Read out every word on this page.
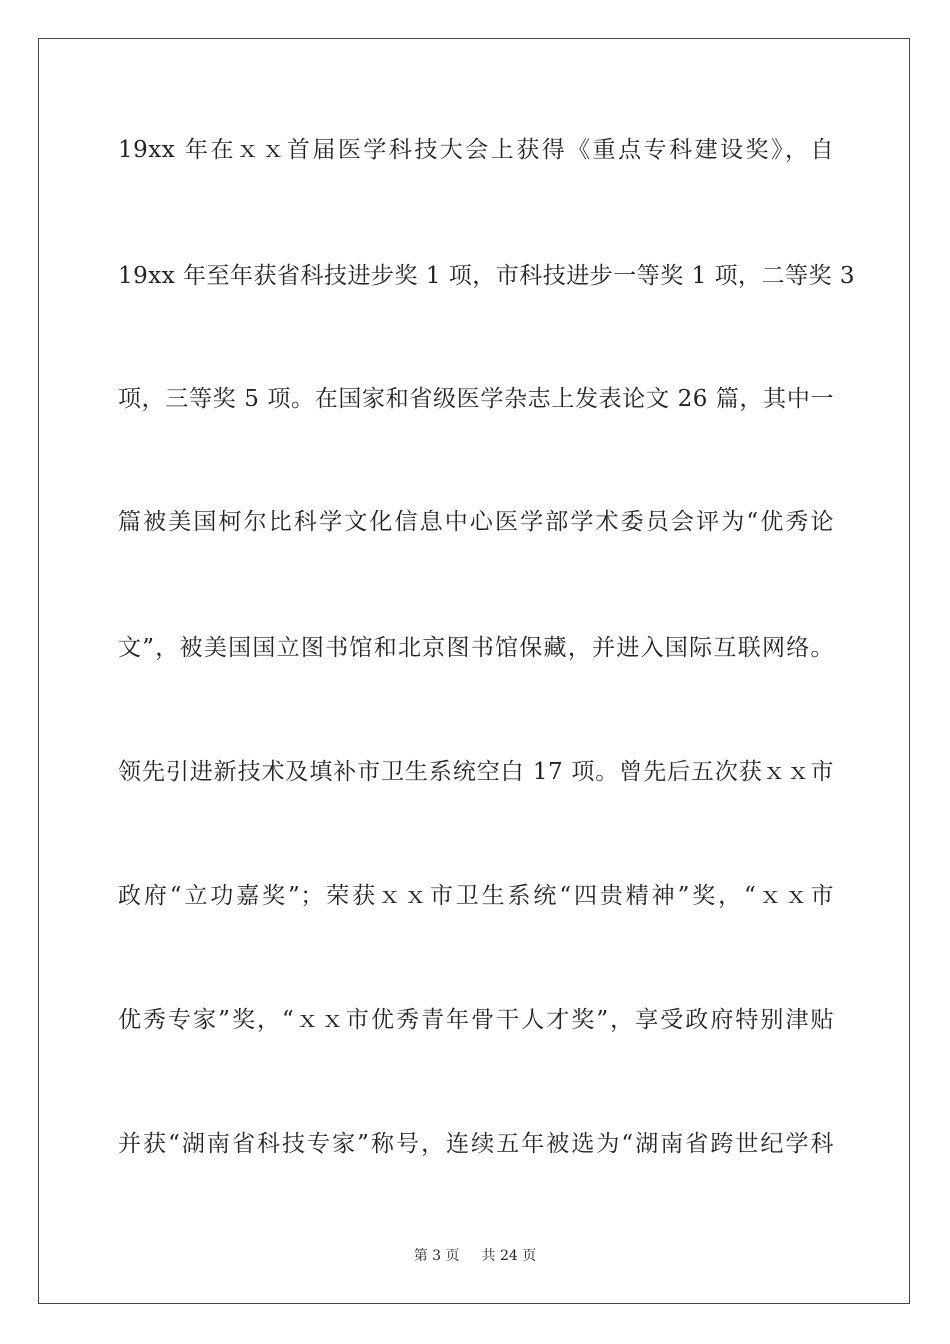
19xx 年在ｘｘ首届医学科技大会上获得《重点专科建设奖》，自
19xx 年至年获省科技进步奖 1 项，市科技进步一等奖 1 项，二等奖 3
项，三等奖 5 项。在国家和省级医学杂志上发表论文 26 篇，其中一
篇被美国柯尔比科学文化信息中心医学部学术委员会评为“优秀论
文”，被美国国立图书馆和北京图书馆保藏，并进入国际互联网络。
领先引进新技术及填补市卫生系统空白 17 项。曾先后五次获ｘｘ市
政府“立功嘉奖”；荣获ｘｘ市卫生系统“四贵精神”奖，“ｘｘ市
优秀专家”奖，“ｘｘ市优秀青年骨干人才奖”，享受政府特别津贴
并获“湖南省科技专家”称号，连续五年被选为“湖南省跨世纪学科
第 3 页 共 24 页
